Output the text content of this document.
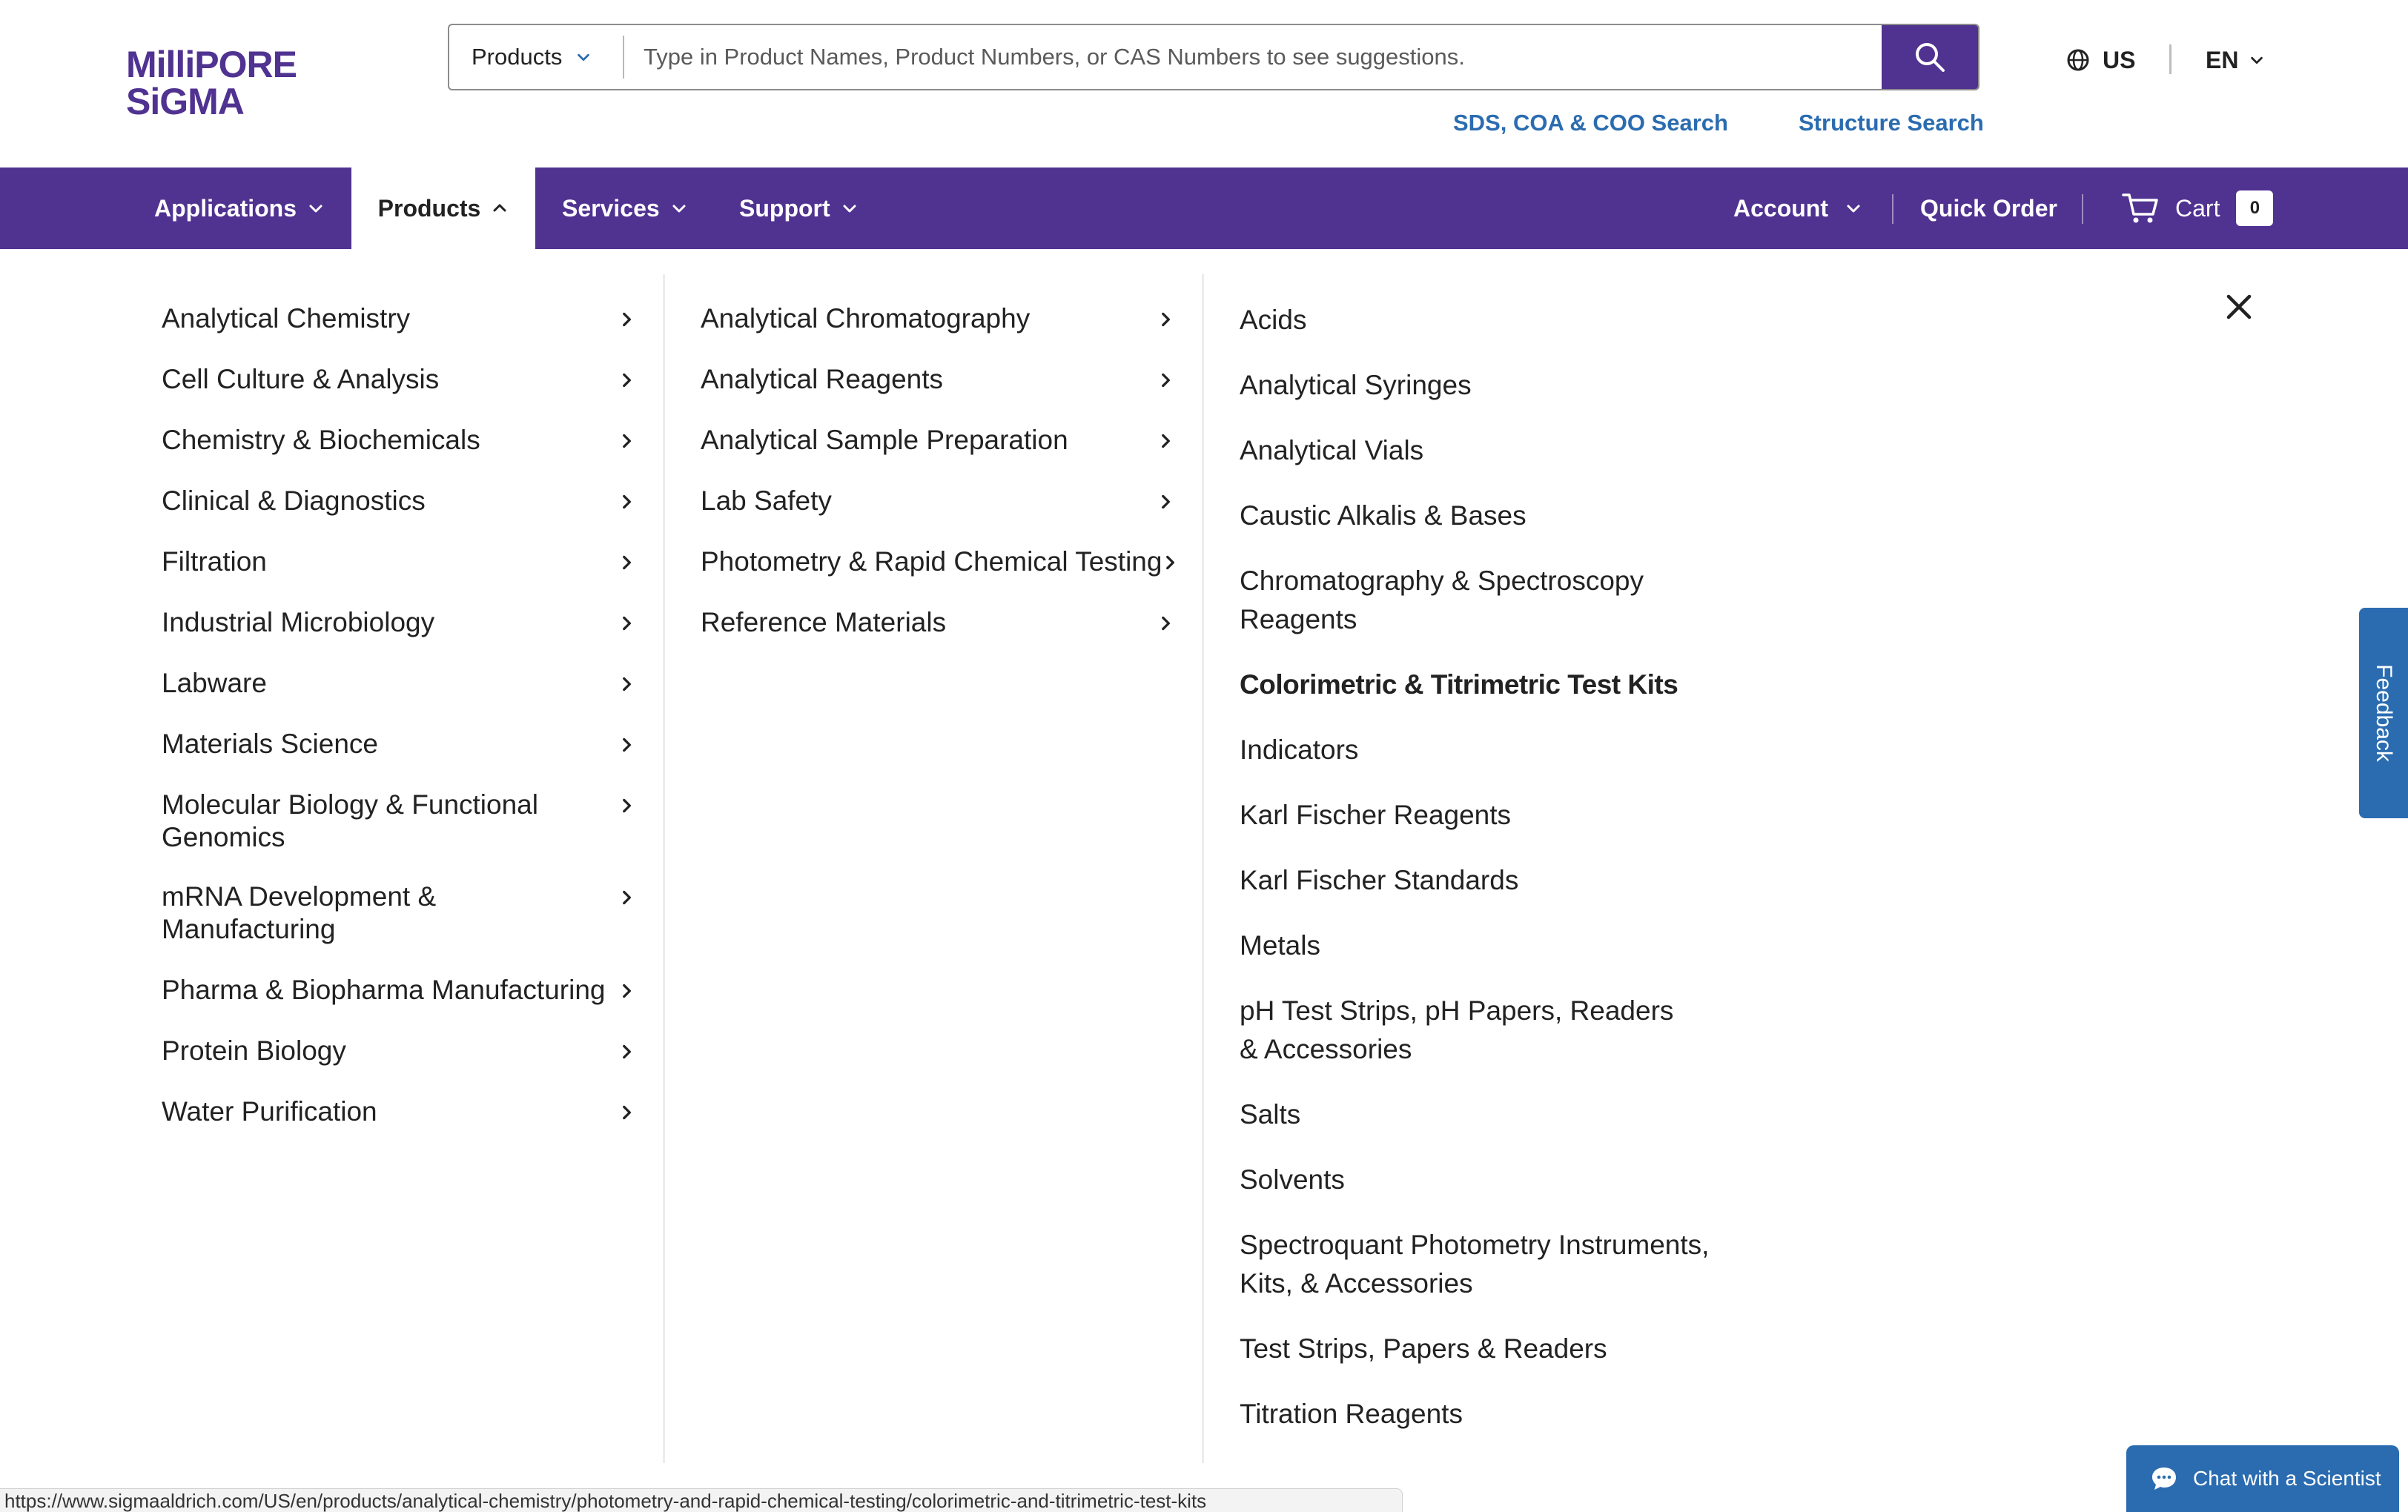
MilliPORE
SiGMA
Products
Type in Product Names, Product Numbers, or CAS Numbers to see suggestions.	US	EN
SDS, COA & COO Search	Structure Search
Applications	Products	Services	Support	Account	Quick Order	Cart	0
Analytical Chemistry
Cell Culture & Analysis
Chemistry & Biochemicals
Clinical & Diagnostics
Filtration
Industrial Microbiology
Labware
Materials Science
Molecular Biology & Functional Genomics
mRNA Development & Manufacturing
Pharma & Biopharma Manufacturing
Protein Biology
Water Purification
Analytical Chromatography
Analytical Reagents
Analytical Sample Preparation
Lab Safety
Photometry & Rapid Chemical Testing
Reference Materials
Acids
Analytical Syringes
Analytical Vials
Caustic Alkalis & Bases
Chromatography & Spectroscopy Reagents
Colorimetric & Titrimetric Test Kits
Indicators
Karl Fischer Reagents
Karl Fischer Standards
Metals
pH Test Strips, pH Papers, Readers & Accessories
Salts
Solvents
Spectroquant Photometry Instruments, Kits, & Accessories
Test Strips, Papers & Readers
Titration Reagents
Feedback
Chat with a Scientist
https://www.sigmaaldrich.com/US/en/products/analytical-chemistry/photometry-and-rapid-chemical-testing/colorimetric-and-titrimetric-test-kits
